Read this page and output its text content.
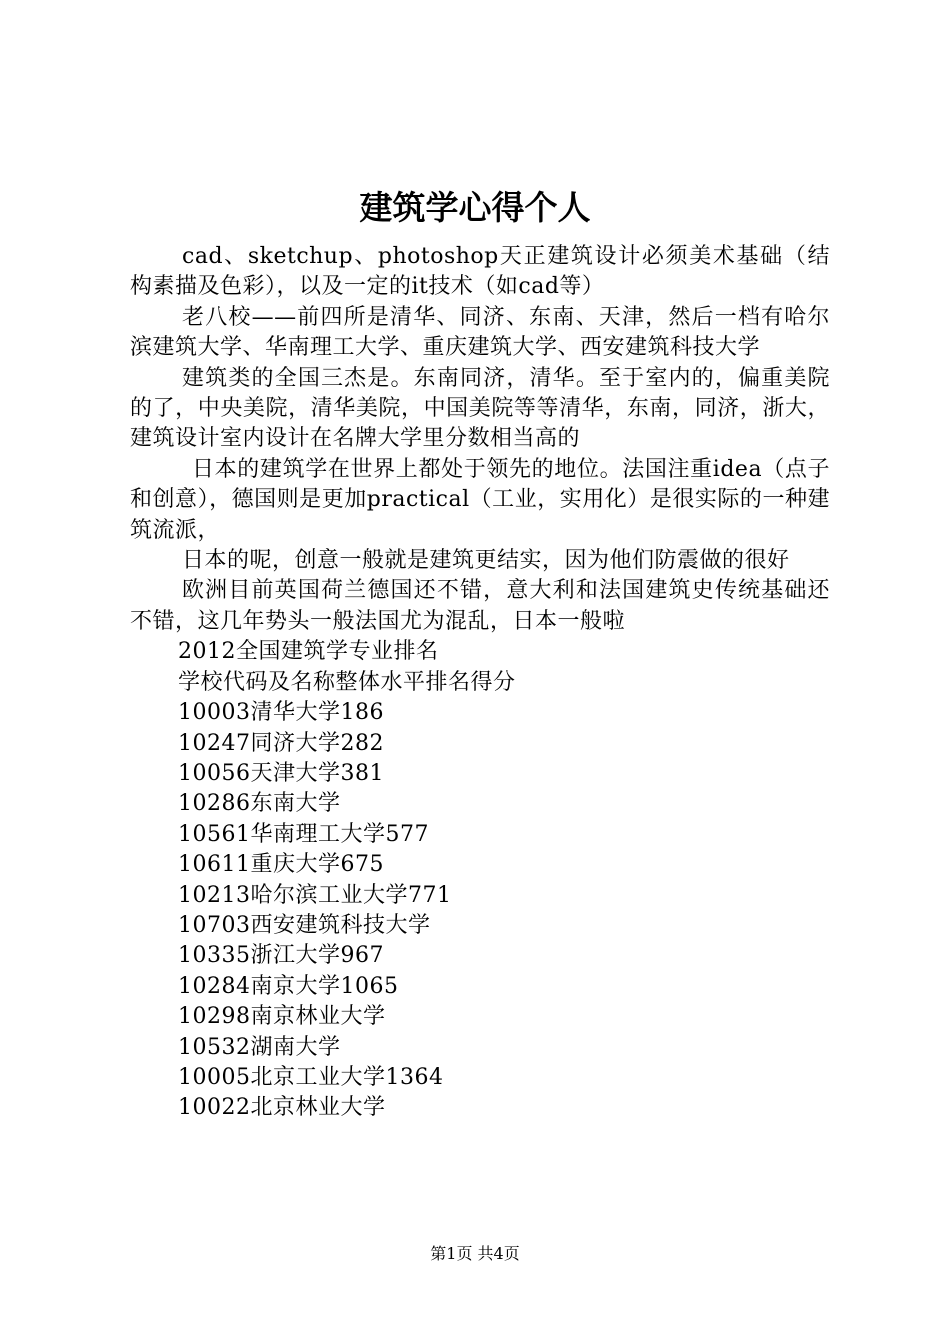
建筑学心得个人

cad、sketchup、photoshop天正建筑设计必须美术基础（结构素描及色彩），以及一定的it技术（如cad等）

老八校——前四所是清华、同济、东南、天津，然后一档有哈尔滨建筑大学、华南理工大学、重庆建筑大学、西安建筑科技大学

建筑类的全国三杰是。东南同济，清华。至于室内的，偏重美院的了，中央美院，清华美院，中国美院等等清华，东南，同济，浙大，建筑设计室内设计在名牌大学里分数相当高的

日本的建筑学在世界上都处于领先的地位。法国注重idea（点子和创意），德国则是更加practical（工业，实用化）是很实际的一种建筑流派，

日本的呢，创意一般就是建筑更结实，因为他们防震做的很好

欧洲目前英国荷兰德国还不错，意大利和法国建筑史传统基础还不错，这几年势头一般法国尤为混乱，日本一般啦

2012全国建筑学专业排名

学校代码及名称整体水平排名得分

10003清华大学186

10247同济大学282

10056天津大学381

10286东南大学

10561华南理工大学577

10611重庆大学675

10213哈尔滨工业大学771

10703西安建筑科技大学

10335浙江大学967

10284南京大学1065

10298南京林业大学

10532湖南大学

10005北京工业大学1364

10022北京林业大学

第1页 共4页
